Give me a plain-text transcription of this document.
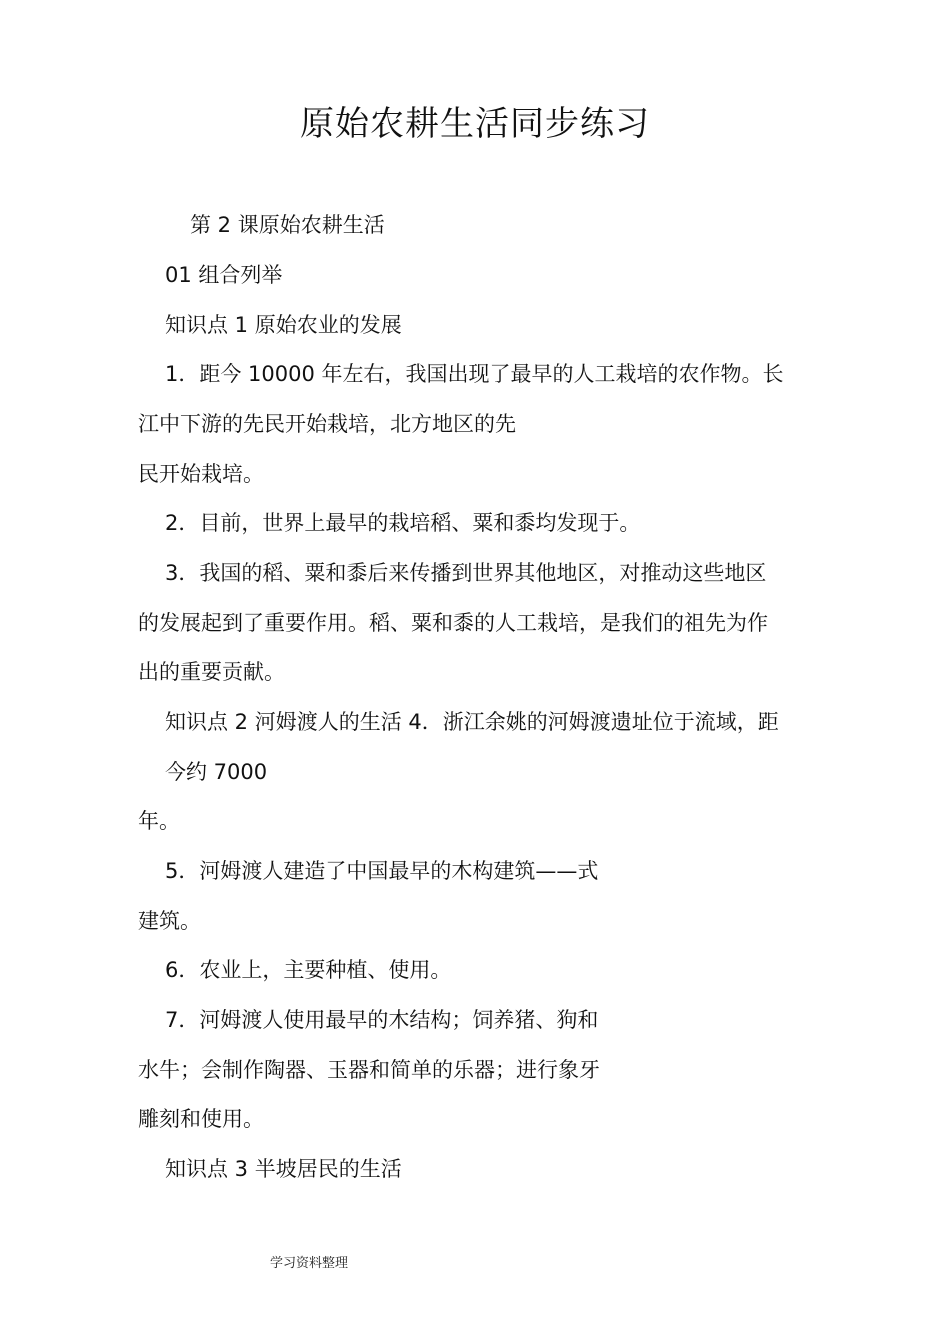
原始农耕生活同步练习
第 2 课原始农耕生活
01 组合列举
知识点 1 原始农业的发展
1．距今 10000 年左右，我国出现了最早的人工栽培的农作物。长
江中下游的先民开始栽培，北方地区的先
民开始栽培。
2．目前，世界上最早的栽培稻、粟和黍均发现于。
3．我国的稻、粟和黍后来传播到世界其他地区，对推动这些地区
的发展起到了重要作用。稻、粟和黍的人工栽培，是我们的祖先为作
出的重要贡献。
知识点 2 河姆渡人的生活 4．浙江余姚的河姆渡遗址位于流域，距
今约 7000
年。
5．河姆渡人建造了中国最早的木构建筑——式
建筑。
6．农业上，主要种植、使用。
7．河姆渡人使用最早的木结构；饲养猪、狗和
水牛；会制作陶器、玉器和简单的乐器；进行象牙
雕刻和使用。
知识点 3 半坡居民的生活
学习资料整理
